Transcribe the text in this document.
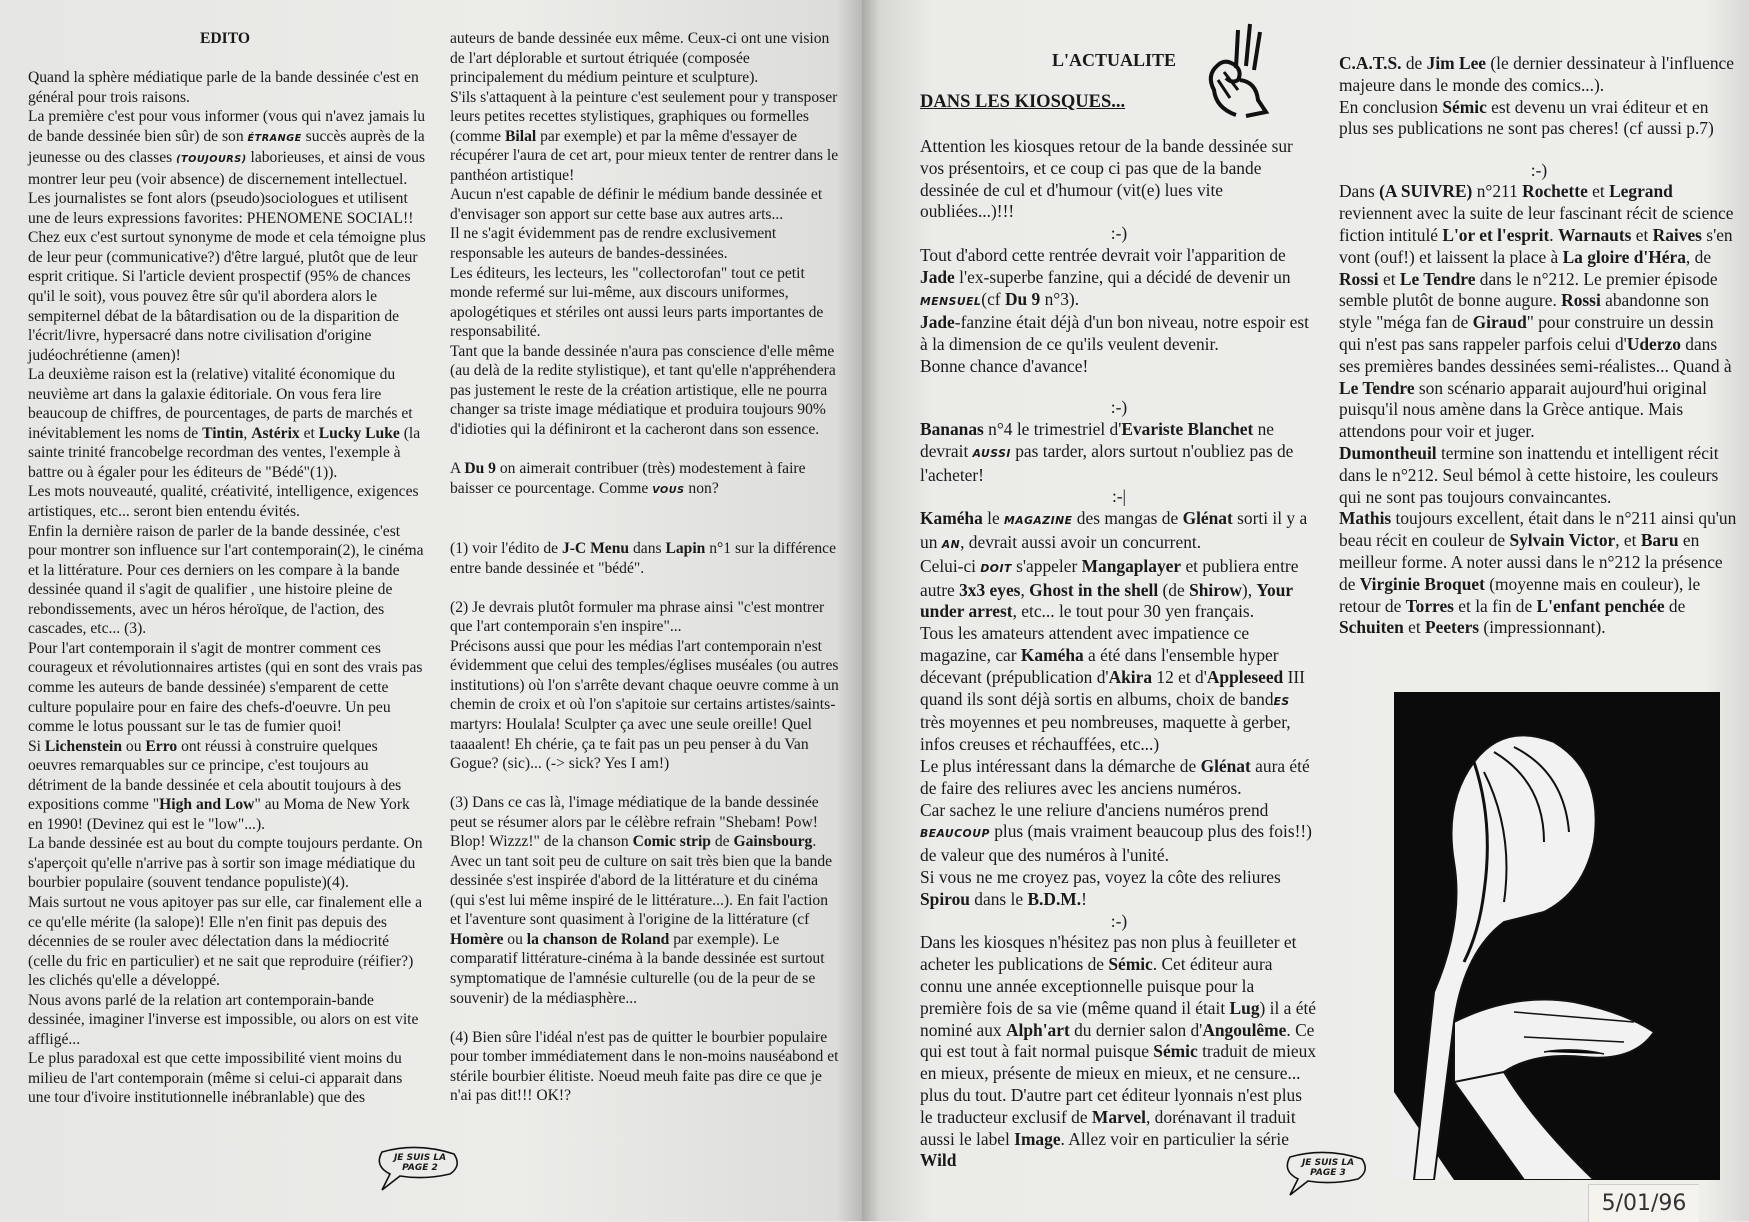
EDITO

Quand la sphère médiatique parle de la bande dessinée c'est en général pour trois raisons.

La première c'est pour vous informer (vous qui n'avez jamais lu de bande dessinée bien sûr) de son ÉTRANGE succès auprès de la jeunesse ou des classes (TOUJOURS) laborieuses, et ainsi de vous montrer leur peu (voir absence) de discernement intellectuel. Les journalistes se font alors (pseudo)sociologues et utilisent une de leurs expressions favorites: PHENOMENE SOCIAL!! Chez eux c'est surtout synonyme de mode et cela témoigne plus de leur peur (communicative?) d'être largué, plutôt que de leur esprit critique. Si l'article devient prospectif (95% de chances qu'il le soit), vous pouvez être sûr qu'il abordera alors le sempiternel débat de la bâtardisation ou de la disparition de l'écrit/livre, hypersacré dans notre civilisation d'origine judéochrétienne (amen)!

La deuxième raison est la (relative) vitalité économique du neuvième art dans la galaxie éditoriale. On vous fera lire beaucoup de chiffres, de pourcentages, de parts de marchés et inévitablement les noms de Tintin, Astérix et Lucky Luke (la sainte trinité francobelge recordman des ventes, l'exemple à battre ou à égaler pour les éditeurs de "Bédé"(1)).

Les mots nouveauté, qualité, créativité, intelligence, exigences artistiques, etc... seront bien entendu évités.

Enfin la dernière raison de parler de la bande dessinée, c'est pour montrer son influence sur l'art contemporain(2), le cinéma et la littérature. Pour ces derniers on les compare à la bande dessinée quand il s'agit de qualifier , une histoire pleine de rebondissements, avec un héros héroïque, de l'action, des cascades, etc... (3).

Pour l'art contemporain il s'agit de montrer comment ces courageux et révolutionnaires artistes (qui en sont des vrais pas comme les auteurs de bande dessinée) s'emparent de cette culture populaire pour en faire des chefs-d'oeuvre. Un peu comme le lotus poussant sur le tas de fumier quoi!

Si Lichenstein ou Erro ont réussi à construire quelques oeuvres remarquables sur ce principe, c'est toujours au détriment de la bande dessinée et cela aboutit toujours à des expositions comme "High and Low" au Moma de New York en 1990! (Devinez qui est le "low"...).

La bande dessinée est au bout du compte toujours perdante. On s'aperçoit qu'elle n'arrive pas à sortir son image médiatique du bourbier populaire (souvent tendance populiste)(4).

Mais surtout ne vous apitoyer pas sur elle, car finalement elle a ce qu'elle mérite (la salope)! Elle n'en finit pas depuis des décennies de se rouler avec délectation dans la médiocrité (celle du fric en particulier) et ne sait que reproduire (réifier?) les clichés qu'elle a développé.

Nous avons parlé de la relation art contemporain-bande dessinée, imaginer l'inverse est impossible, ou alors on est vite affligé...

Le plus paradoxal est que cette impossibilité vient moins du milieu de l'art contemporain (même si celui-ci apparait dans une tour d'ivoire institutionnelle inébranlable) que des

auteurs de bande dessinée eux même. Ceux-ci ont une vision de l'art déplorable et surtout étriquée (composée principalement du médium peinture et sculpture).

S'ils s'attaquent à la peinture c'est seulement pour y transposer leurs petites recettes stylistiques, graphiques ou formelles (comme Bilal par exemple) et par la même d'essayer de récupérer l'aura de cet art, pour mieux tenter de rentrer dans le panthéon artistique!

Aucun n'est capable de définir le médium bande dessinée et d'envisager son apport sur cette base aux autres arts...

Il ne s'agit évidemment pas de rendre exclusivement responsable les auteurs de bandes-dessinées.

Les éditeurs, les lecteurs, les "collectorofan" tout ce petit monde refermé sur lui-même, aux discours uniformes, apologétiques et stériles ont aussi leurs parts importantes de responsabilité.

Tant que la bande dessinée n'aura pas conscience d'elle même (au delà de la redite stylistique), et tant qu'elle n'appréhendera pas justement le reste de la création artistique, elle ne pourra changer sa triste image médiatique et produira toujours 90% d'idioties qui la définiront et la cacheront dans son essence.

A Du 9 on aimerait contribuer (très) modestement à faire baisser ce pourcentage. Comme VOUS non?

(1) voir l'édito de J-C Menu dans Lapin n°1 sur la différence entre bande dessinée et "bédé".

(2) Je devrais plutôt formuler ma phrase ainsi "c'est montrer que l'art contemporain s'en inspire"...

Précisons aussi que pour les médias l'art contemporain n'est évidemment que celui des temples/églises muséales (ou autres institutions) où l'on s'arrête devant chaque oeuvre comme à un chemin de croix et où l'on s'apitoie sur certains artistes/saints-martyrs: Houlala! Sculpter ça avec une seule oreille! Quel taaaalent! Eh chérie, ça te fait pas un peu penser à du Van Gogue? (sic)... (-> sick? Yes I am!)

(3) Dans ce cas là, l'image médiatique de la bande dessinée peut se résumer alors par le célèbre refrain "Shebam! Pow! Blop! Wizzz!" de la chanson Comic strip de Gainsbourg.

Avec un tant soit peu de culture on sait très bien que la bande dessinée s'est inspirée d'abord de la littérature et du cinéma (qui s'est lui même inspiré de le littérature...). En fait l'action et l'aventure sont quasiment à l'origine de la littérature (cf Homère ou la chanson de Roland par exemple). Le comparatif littérature-cinéma à la bande dessinée est surtout symptomatique de l'amnésie culturelle (ou de la peur de se souvenir) de la médiasphère...

(4) Bien sûre l'idéal n'est pas de quitter le bourbier populaire pour tomber immédiatement dans le non-moins nauséabond et stérile bourbier élitiste. Noeud meuh faite pas dire ce que je n'ai pas dit!!! OK!?

JE SUIS LA PAGE 2
L'ACTUALITE
DANS LES KIOSQUES...

Attention les kiosques retour de la bande dessinée sur vos présentoirs, et ce coup ci pas que de la bande dessinée de cul et d'humour (vit(e) lues vite oubliées...)!!!

:-)

Tout d'abord cette rentrée devrait voir l'apparition de Jade l'ex-superbe fanzine, qui a décidé de devenir un MENSUEL(cf Du 9 n°3).

Jade-fanzine était déjà d'un bon niveau, notre espoir est à la dimension de ce qu'ils veulent devenir.

Bonne chance d'avance!

:-)

Bananas n°4 le trimestriel d'Evariste Blanchet ne devrait AUSSI pas tarder, alors surtout n'oubliez pas de l'acheter!

:-|

Kaméha le MAGAZINE des mangas de Glénat sorti il y a un AN, devrait aussi avoir un concurrent.

Celui-ci DOIT s'appeler Mangaplayer et publiera entre autre 3x3 eyes, Ghost in the shell (de Shirow), Your under arrest, etc... le tout pour 30 yen français.

Tous les amateurs attendent avec impatience ce magazine, car Kaméha a été dans l'ensemble hyper décevant (prépublication d'Akira 12 et d'Appleseed III quand ils sont déjà sortis en albums, choix de bandES très moyennes et peu nombreuses, maquette à gerber, infos creuses et réchauffées, etc...)

Le plus intéressant dans la démarche de Glénat aura été de faire des reliures avec les anciens numéros.

Car sachez le une reliure d'anciens numéros prend BEAUCOUP plus (mais vraiment beaucoup plus des fois!!) de valeur que des numéros à l'unité.

Si vous ne me croyez pas, voyez la côte des reliures Spirou dans le B.D.M.!

:-)

Dans les kiosques n'hésitez pas non plus à feuilleter et acheter les publications de Sémic. Cet éditeur aura connu une année exceptionnelle puisque pour la première fois de sa vie (même quand il était Lug) il a été nominé aux Alph'art du dernier salon d'Angoulême. Ce qui est tout à fait normal puisque Sémic traduit de mieux en mieux, présente de mieux en mieux, et ne censure... plus du tout. D'autre part cet éditeur lyonnais n'est plus le traducteur exclusif de Marvel, dorénavant il traduit aussi le label Image. Allez voir en particulier la série Wild	JE SUIS LA PAGE 3

C.A.T.S. de Jim Lee (le dernier dessinateur à l'influence majeure dans le monde des comics...).

En conclusion Sémic est devenu un vrai éditeur et en plus ses publications ne sont pas cheres! (cf aussi p.7)

:-)

Dans (A SUIVRE) n°211 Rochette et Legrand reviennent avec la suite de leur fascinant récit de science fiction intitulé L'or et l'esprit. Warnauts et Raives s'en vont (ouf!) et laissent la place à La gloire d'Héra, de Rossi et Le Tendre dans le n°212. Le premier épisode semble plutôt de bonne augure. Rossi abandonne son style "méga fan de Giraud" pour construire un dessin qui n'est pas sans rappeler parfois celui d'Uderzo dans ses premières bandes dessinées semi-réalistes... Quand à Le Tendre son scénario apparait aujourd'hui original puisqu'il nous amène dans la Grèce antique. Mais attendons pour voir et juger.

Dumontheuil termine son inattendu et intelligent récit dans le n°212. Seul bémol à cette histoire, les couleurs qui ne sont pas toujours convaincantes.

Mathis toujours excellent, était dans le n°211 ainsi qu'un beau récit en couleur de Sylvain Victor, et Baru en meilleur forme. A noter aussi dans le n°212 la présence de Virginie Broquet (moyenne mais en couleur), le retour de Torres et la fin de L'enfant penchée de Schuiten et Peeters (impressionnant).

5/01/96
